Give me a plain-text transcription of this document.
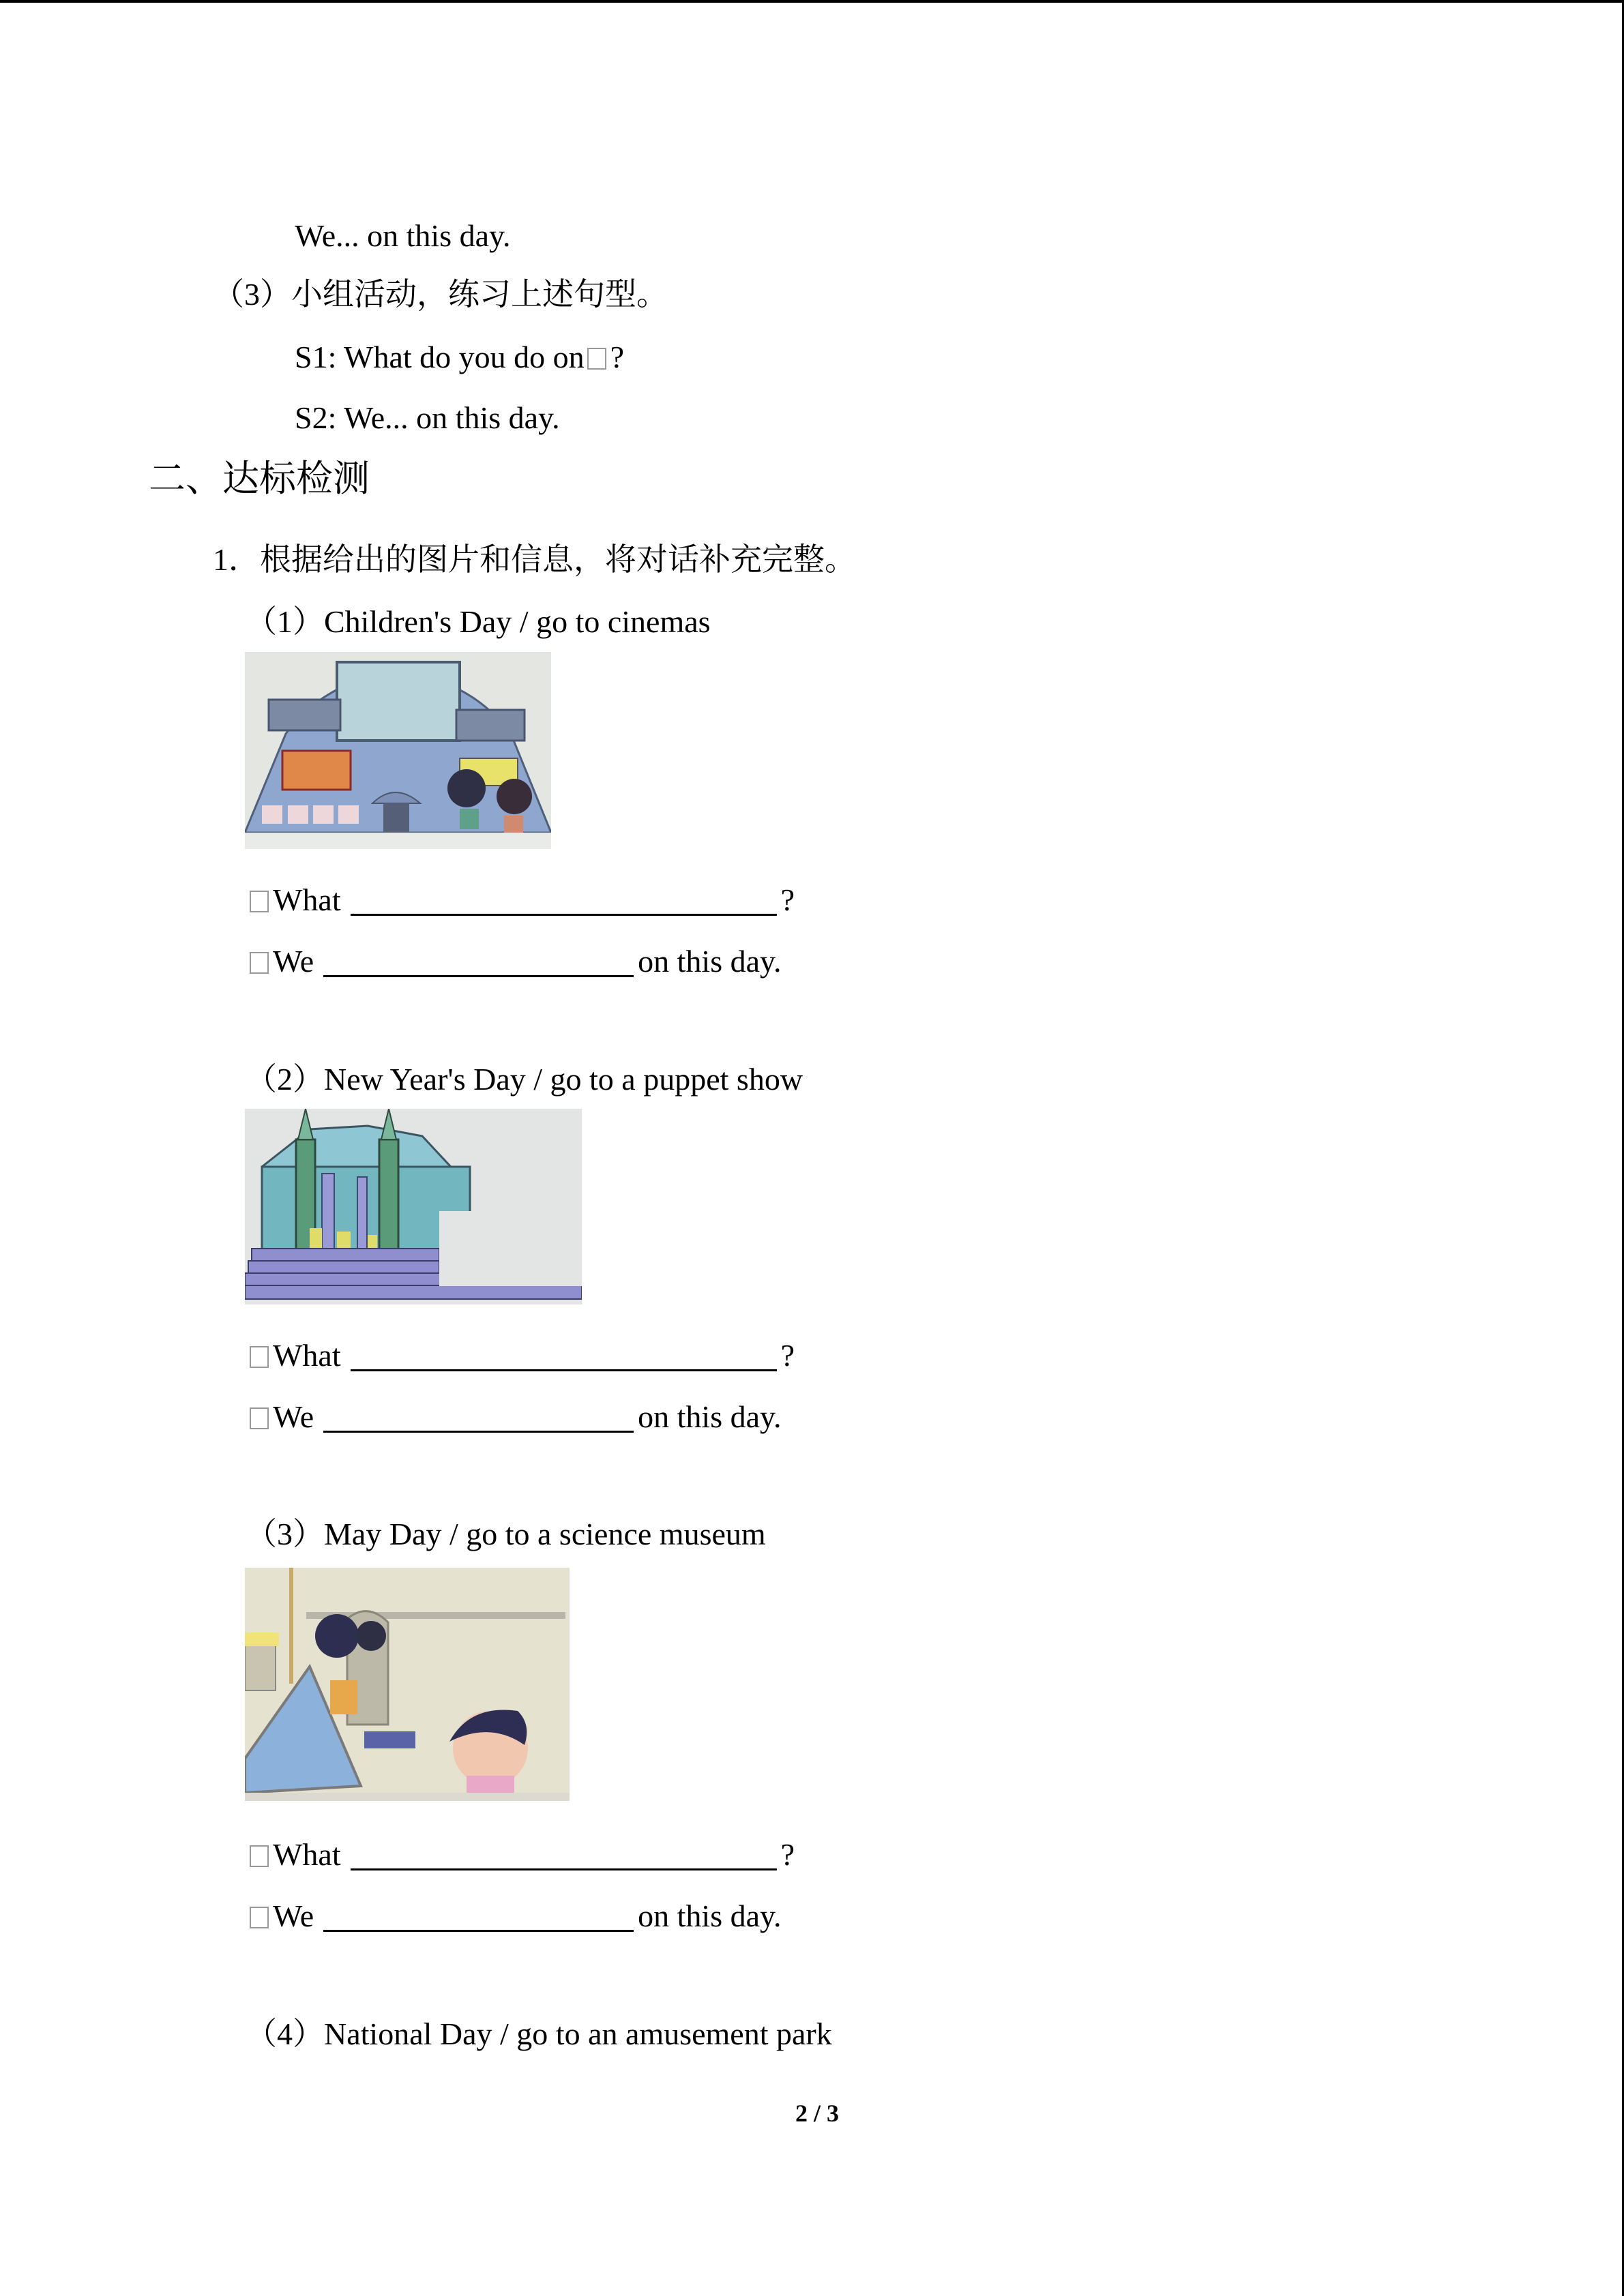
We... on this day.
（3）小组活动，练习上述句型。
S1: What do you do on ?
S2: We... on this day.
二、达标检测
1．根据给出的图片和信息，将对话补充完整。
（1）Children's Day / go to cinemas
What	?
We	on this day.
（2）New Year's Day / go to a puppet show
What	?
We	on this day.
（3）May Day / go to a science museum
What	?
We	on this day.
（4）National Day / go to an amusement park
2 / 3
